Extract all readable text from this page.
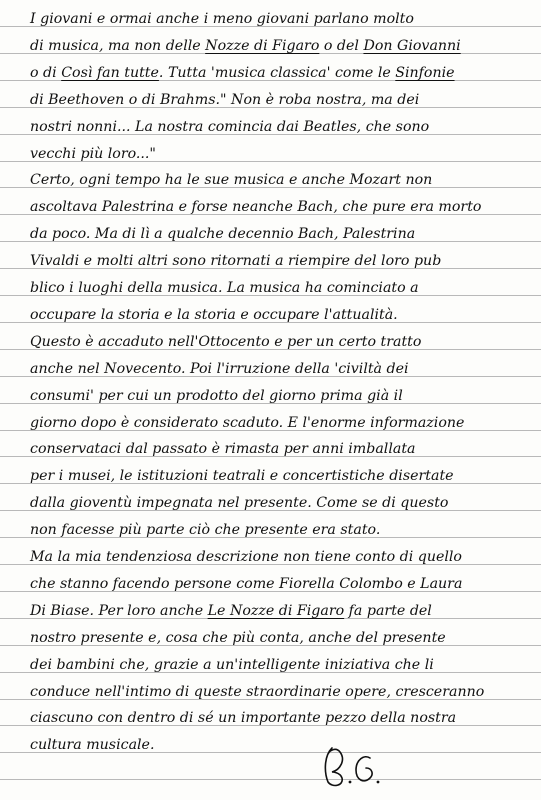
I giovani e ormai anche i meno giovani parlano molto
di musica, ma non delle Nozze di Figaro o del Don Giovanni
o di Così fan tutte. Tutta 'musica classica' come le Sinfonie
di Beethoven o di Brahms." Non è roba nostra, ma dei
nostri nonni... La nostra comincia dai Beatles, che sono
vecchi più loro..."
Certo, ogni tempo ha le sue musica e anche Mozart non
ascoltava Palestrina e forse neanche Bach, che pure era morto
da poco. Ma di lì a qualche decennio Bach, Palestrina
Vivaldi e molti altri sono ritornati a riempire del loro pub
blico i luoghi della musica. La musica ha cominciato a
occupare la storia e la storia e occupare l'attualità.
Questo è accaduto nell'Ottocento e per un certo tratto
anche nel Novecento. Poi l'irruzione della 'civiltà dei
consumi' per cui un prodotto del giorno prima già il
giorno dopo è considerato scaduto. E l'enorme informazione
conservataci dal passato è rimasta per anni imballata
per i musei, le istituzioni teatrali e concertistiche disertate
dalla gioventù impegnata nel presente. Come se di questo
non facesse più parte ciò che presente era stato.
Ma la mia tendenziosa descrizione non tiene conto di quello
che stanno facendo persone come Fiorella Colombo e Laura
Di Biase. Per loro anche Le Nozze di Figaro fa parte del
nostro presente e, cosa che più conta, anche del presente
dei bambini che, grazie a un'intelligente iniziativa che li
conduce nell'intimo di queste straordinarie opere, cresceranno
ciascuno con dentro di sé un importante pezzo della nostra
cultura musicale.
